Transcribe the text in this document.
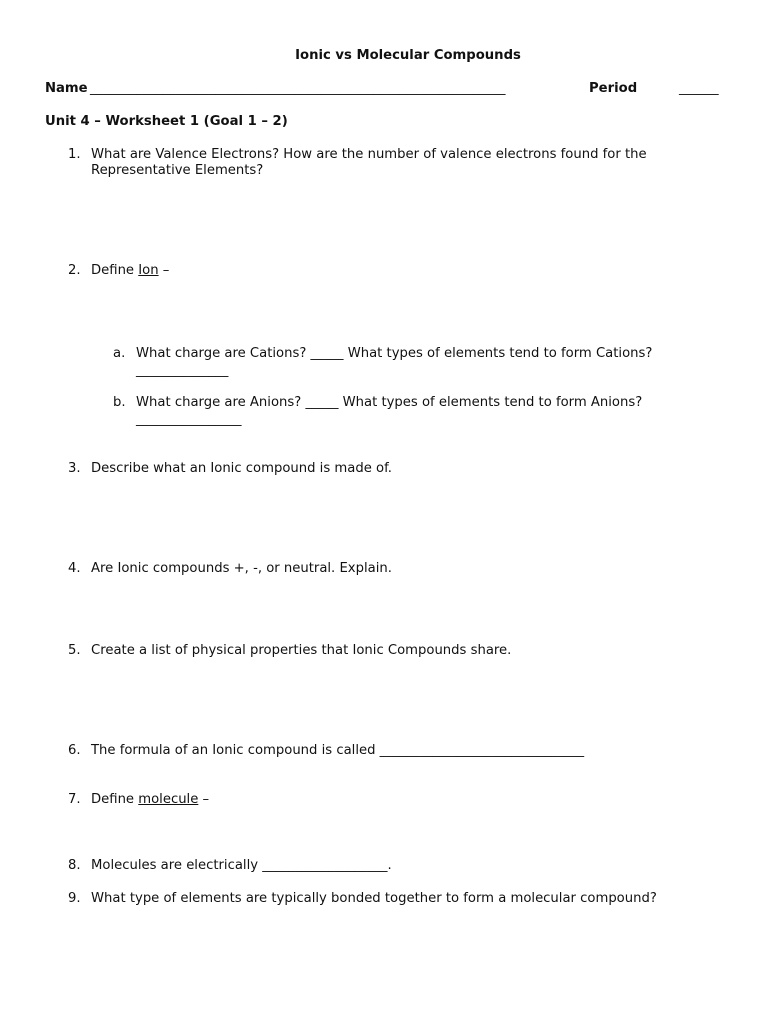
Ionic vs Molecular Compounds
Name _______________________________________________________________	Period	______
Unit 4 – Worksheet 1 (Goal 1 – 2)
1. What are Valence Electrons? How are the number of valence electrons found for the
Representative Elements?
2. Define Ion –
a. What charge are Cations? _____ What types of elements tend to form Cations?
______________
b. What charge are Anions? _____ What types of elements tend to form Anions?
________________
3. Describe what an Ionic compound is made of.
4. Are Ionic compounds +, -, or neutral. Explain.
5. Create a list of physical properties that Ionic Compounds share.
6. The formula of an Ionic compound is called _______________________________
7. Define molecule –
8. Molecules are electrically ___________________.
9. What type of elements are typically bonded together to form a molecular compound?
